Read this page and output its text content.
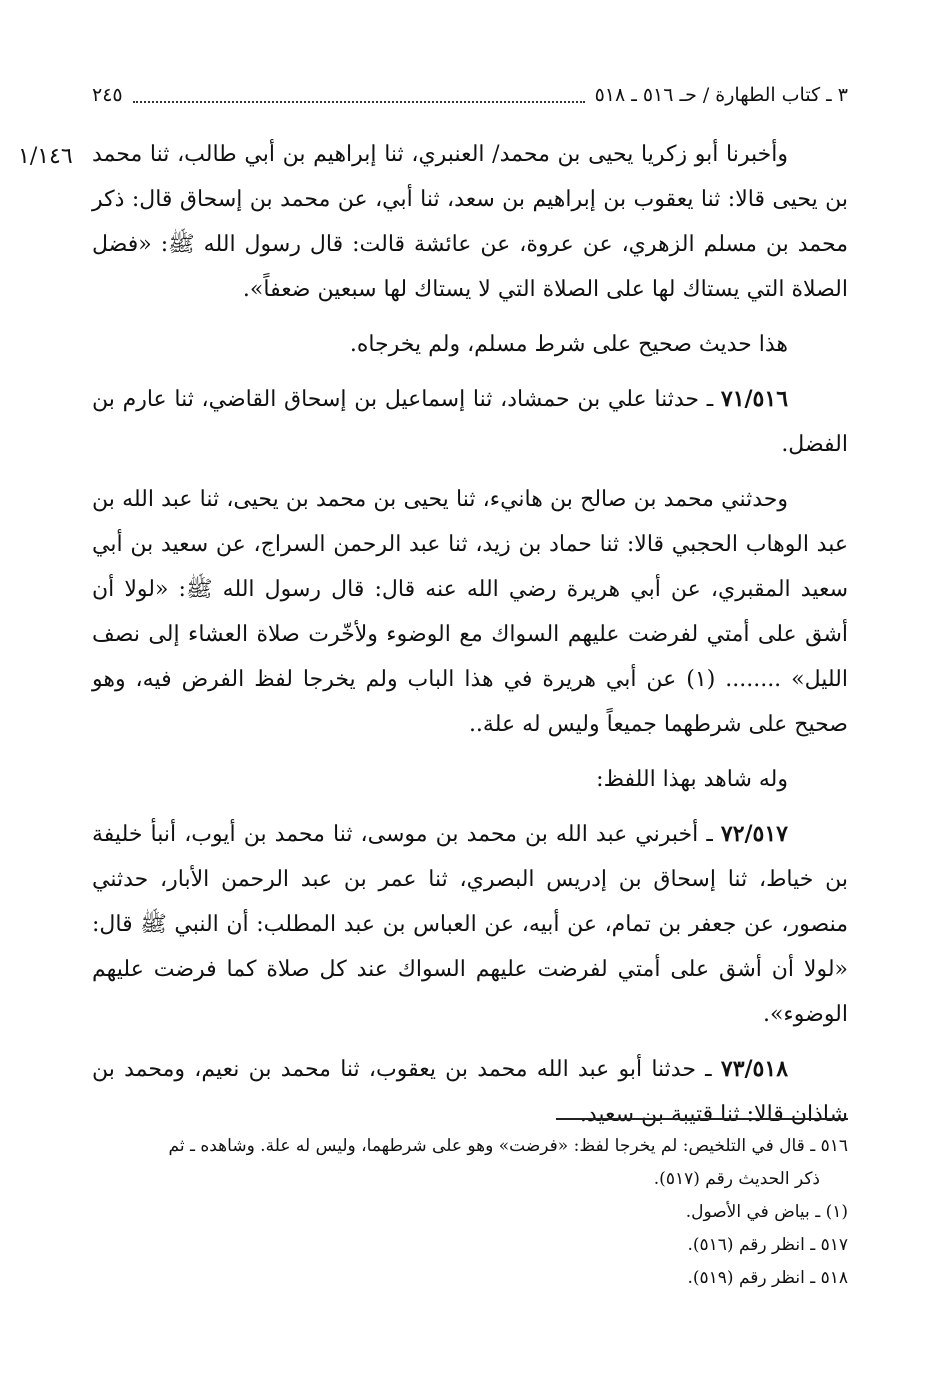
٣ ـ كتاب الطهارة / حـ ٥١٦ ـ ٥١٨
٢٤٥
١/١٤٦ وأخبرنا أبو زكريا يحيى بن محمد/ العنبري، ثنا إبراهيم بن أبي طالب، ثنا محمد بن يحيى قالا: ثنا يعقوب بن إبراهيم بن سعد، ثنا أبي، عن محمد بن إسحاق قال: ذكر محمد بن مسلم الزهري، عن عروة، عن عائشة قالت: قال رسول الله ﷺ: «فضل الصلاة التي يستاك لها على الصلاة التي لا يستاك لها سبعين ضعفاً».

هذا حديث صحيح على شرط مسلم، ولم يخرجاه.

٧١/٥١٦ ـ حدثنا علي بن حمشاد، ثنا إسماعيل بن إسحاق القاضي، ثنا عارم بن الفضل.

وحدثني محمد بن صالح بن هانيء، ثنا يحيى بن محمد بن يحيى، ثنا عبد الله بن عبد الوهاب الحجبي قالا: ثنا حماد بن زيد، ثنا عبد الرحمن السراج، عن سعيد بن أبي سعيد المقبري، عن أبي هريرة رضي الله عنه قال: قال رسول الله ﷺ: «لولا أن أشق على أمتي لفرضت عليهم السواك مع الوضوء ولأخّرت صلاة العشاء إلى نصف الليل» ........ (١) عن أبي هريرة في هذا الباب ولم يخرجا لفظ الفرض فيه، وهو صحيح على شرطهما جميعاً وليس له علة..

وله شاهد بهذا اللفظ:

٧٢/٥١٧ ـ أخبرني عبد الله بن محمد بن موسى، ثنا محمد بن أيوب، أنبأ خليفة بن خياط، ثنا إسحاق بن إدريس البصري، ثنا عمر بن عبد الرحمن الأبار، حدثني منصور، عن جعفر بن تمام، عن أبيه، عن العباس بن عبد المطلب: أن النبي ﷺ قال: «لولا أن أشق على أمتي لفرضت عليهم السواك عند كل صلاة كما فرضت عليهم الوضوء».

٧٣/٥١٨ ـ حدثنا أبو عبد الله محمد بن يعقوب، ثنا محمد بن نعيم، ومحمد بن شاذان قالا: ثنا قتيبة بن سعيد.

٥١٦ ـ قال في التلخيص: لم يخرجا لفظ: «فرضت» وهو على شرطهما، وليس له علة. وشاهده ـ ثم
ذكر الحديث رقم (٥١٧).
(١) ـ بياض في الأصول.
٥١٧ ـ انظر رقم (٥١٦).
٥١٨ ـ انظر رقم (٥١٩).
